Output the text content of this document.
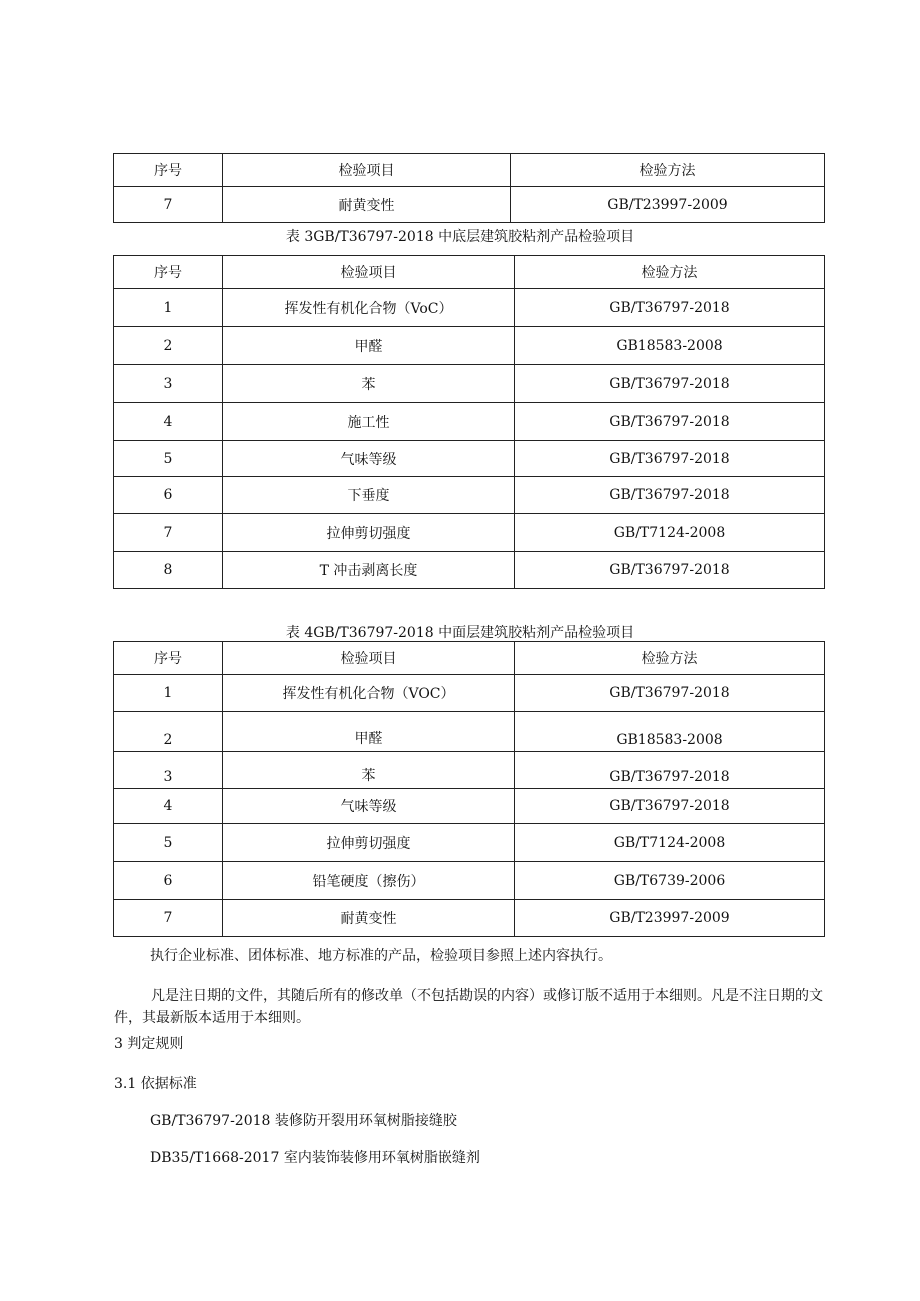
序号	检验项目	检验方法
7	耐黄变性	GB/T23997-2009
表 3GB/T36797-2018 中底层建筑胶粘剂产品检验项目
序号	检验项目	检验方法
1	挥发性有机化合物（VoC）	GB/T36797-2018
2	甲醛	GB18583-2008
3	苯	GB/T36797-2018
4	施工性	GB/T36797-2018
5	气味等级	GB/T36797-2018
6	下垂度	GB/T36797-2018
7	拉伸剪切强度	GB/T7124-2008
8	T 冲击剥离长度	GB/T36797-2018
表 4GB/T36797-2018 中面层建筑胶粘剂产品检验项目
序号	检验项目	检验方法
1	挥发性有机化合物（VOC）	GB/T36797-2018
2	甲醛	GB18583-2008
3	苯	GB/T36797-2018
4	气味等级	GB/T36797-2018
5	拉伸剪切强度	GB/T7124-2008
6	铅笔硬度（擦伤）	GB/T6739-2006
7	耐黄变性	GB/T23997-2009
执行企业标准、团体标准、地方标准的产品，检验项目参照上述内容执行。
凡是注日期的文件，其随后所有的修改单（不包括勘误的内容）或修订版不适用于本细则。凡是不注日期的文件，其最新版本适用于本细则。
3 判定规则
3.1 依据标准
GB/T36797-2018 装修防开裂用环氧树脂接缝胶
DB35/T1668-2017 室内装饰装修用环氧树脂嵌缝剂
